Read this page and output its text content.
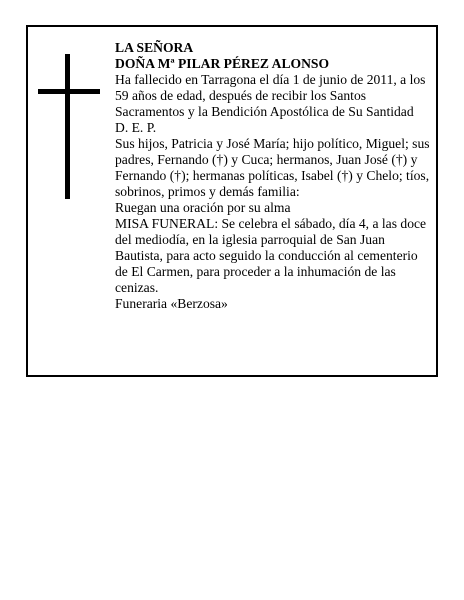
LA SEÑORA

DOÑA Mª PILAR PÉREZ ALONSO

Ha fallecido en Tarragona el día 1 de junio de 2011, a los 59 años de edad, después de recibir los Santos Sacramentos y la Bendición Apostólica de Su Santidad

D. E. P.

Sus hijos, Patricia y José María; hijo político, Miguel; sus padres, Fernando (†) y Cuca; hermanos, Juan José (†) y Fernando (†); hermanas políticas, Isabel (†) y Chelo; tíos, sobrinos, primos y demás familia:

Ruegan una oración por su alma

MISA FUNERAL: Se celebra el sábado, día 4, a las doce del mediodía, en la iglesia parroquial de San Juan Bautista, para acto seguido la conducción al cementerio de El Carmen, para proceder a la inhumación de las cenizas.

Funeraria «Berzosa»
